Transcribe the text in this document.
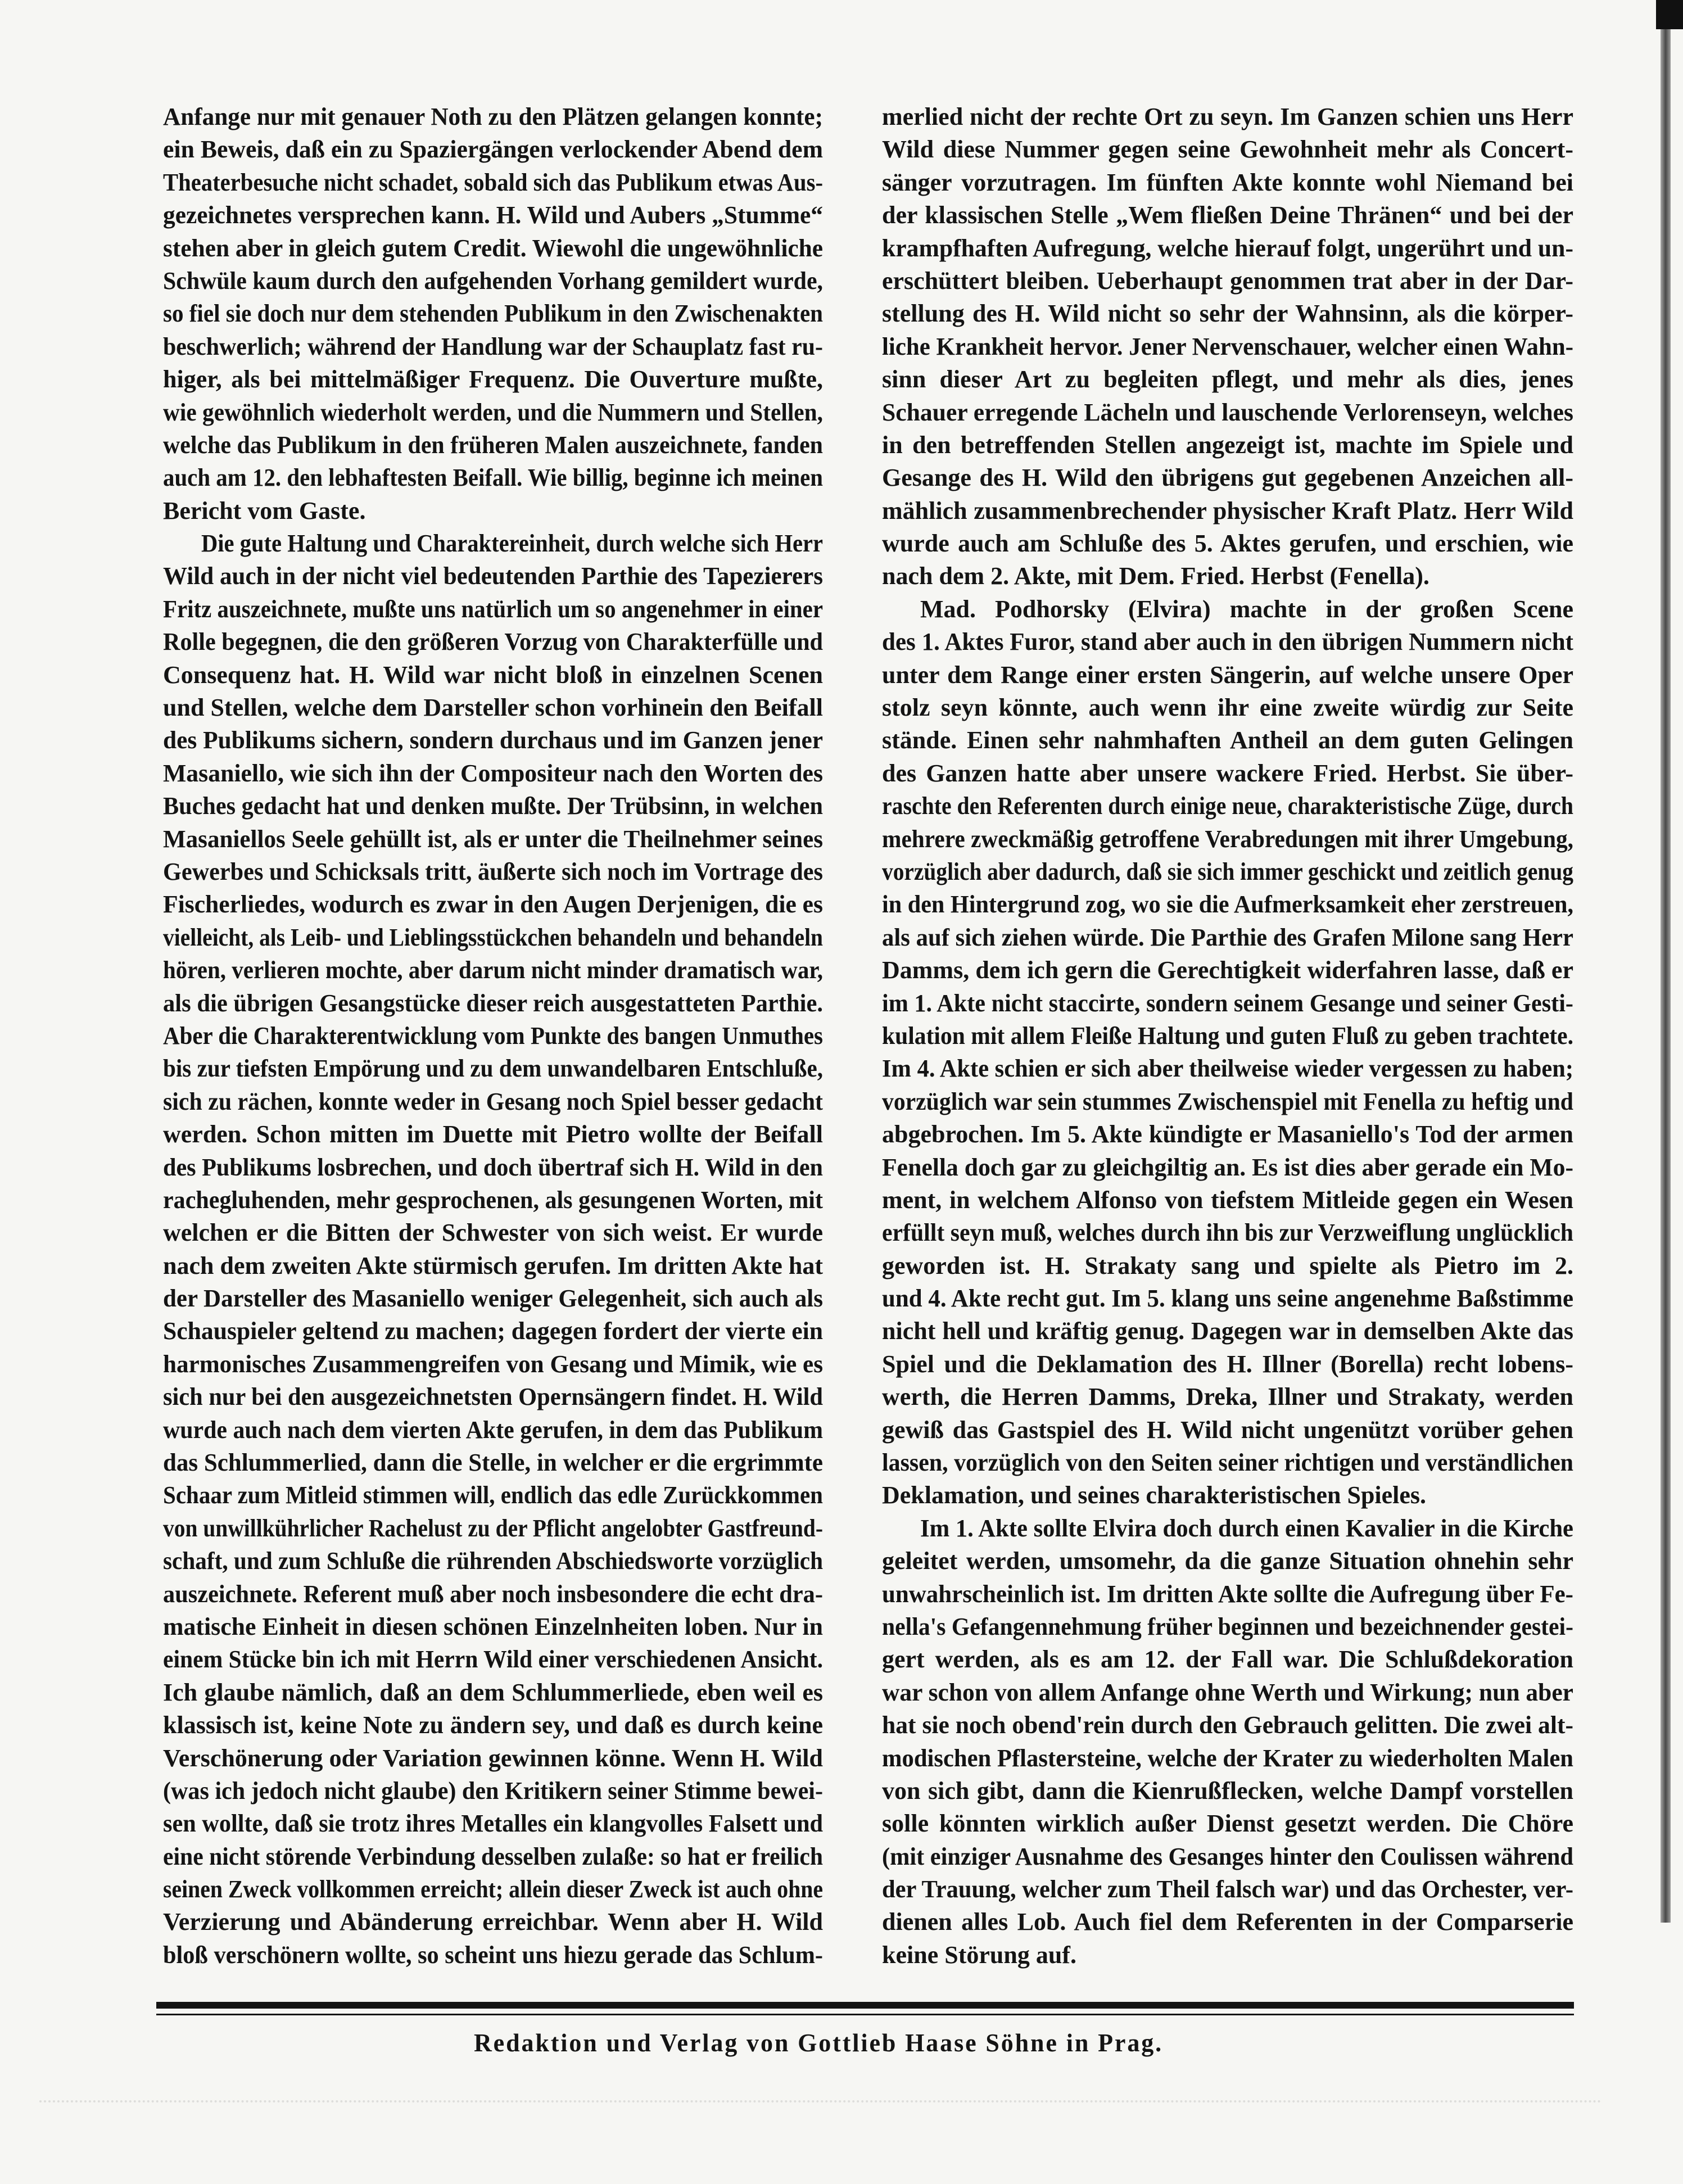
Anfange nur mit genauer Noth zu den Plätzen gelangen konnte;
ein Beweis, daß ein zu Spaziergängen verlockender Abend dem
Theaterbesuche nicht schadet, sobald sich das Publikum etwas Aus-
gezeichnetes versprechen kann. H. Wild und Aubers „Stumme“
stehen aber in gleich gutem Credit. Wiewohl die ungewöhnliche
Schwüle kaum durch den aufgehenden Vorhang gemildert wurde,
so fiel sie doch nur dem stehenden Publikum in den Zwischenakten
beschwerlich; während der Handlung war der Schauplatz fast ru-
higer, als bei mittelmäßiger Frequenz. Die Ouverture mußte,
wie gewöhnlich wiederholt werden, und die Nummern und Stellen,
welche das Publikum in den früheren Malen auszeichnete, fanden
auch am 12. den lebhaftesten Beifall. Wie billig, beginne ich meinen
Bericht vom Gaste.
Die gute Haltung und Charaktereinheit, durch welche sich Herr
Wild auch in der nicht viel bedeutenden Parthie des Tapezierers
Fritz auszeichnete, mußte uns natürlich um so angenehmer in einer
Rolle begegnen, die den größeren Vorzug von Charakterfülle und
Consequenz hat. H. Wild war nicht bloß in einzelnen Scenen
und Stellen, welche dem Darsteller schon vorhinein den Beifall
des Publikums sichern, sondern durchaus und im Ganzen jener
Masaniello, wie sich ihn der Compositeur nach den Worten des
Buches gedacht hat und denken mußte. Der Trübsinn, in welchen
Masaniellos Seele gehüllt ist, als er unter die Theilnehmer seines
Gewerbes und Schicksals tritt, äußerte sich noch im Vortrage des
Fischerliedes, wodurch es zwar in den Augen Derjenigen, die es
vielleicht, als Leib- und Lieblingsstückchen behandeln und behandeln
hören, verlieren mochte, aber darum nicht minder dramatisch war,
als die übrigen Gesangstücke dieser reich ausgestatteten Parthie.
Aber die Charakterentwicklung vom Punkte des bangen Unmuthes
bis zur tiefsten Empörung und zu dem unwandelbaren Entschluße,
sich zu rächen, konnte weder in Gesang noch Spiel besser gedacht
werden. Schon mitten im Duette mit Pietro wollte der Beifall
des Publikums losbrechen, und doch übertraf sich H. Wild in den
rachegluhenden, mehr gesprochenen, als gesungenen Worten, mit
welchen er die Bitten der Schwester von sich weist. Er wurde
nach dem zweiten Akte stürmisch gerufen. Im dritten Akte hat
der Darsteller des Masaniello weniger Gelegenheit, sich auch als
Schauspieler geltend zu machen; dagegen fordert der vierte ein
harmonisches Zusammengreifen von Gesang und Mimik, wie es
sich nur bei den ausgezeichnetsten Opernsängern findet. H. Wild
wurde auch nach dem vierten Akte gerufen, in dem das Publikum
das Schlummerlied, dann die Stelle, in welcher er die ergrimmte
Schaar zum Mitleid stimmen will, endlich das edle Zurückkommen
von unwillkührlicher Rachelust zu der Pflicht angelobter Gastfreund-
schaft, und zum Schluße die rührenden Abschiedsworte vorzüglich
auszeichnete. Referent muß aber noch insbesondere die echt dra-
matische Einheit in diesen schönen Einzelnheiten loben. Nur in
einem Stücke bin ich mit Herrn Wild einer verschiedenen Ansicht.
Ich glaube nämlich, daß an dem Schlummerliede, eben weil es
klassisch ist, keine Note zu ändern sey, und daß es durch keine
Verschönerung oder Variation gewinnen könne. Wenn H. Wild
(was ich jedoch nicht glaube) den Kritikern seiner Stimme bewei-
sen wollte, daß sie trotz ihres Metalles ein klangvolles Falsett und
eine nicht störende Verbindung desselben zulaße: so hat er freilich
seinen Zweck vollkommen erreicht; allein dieser Zweck ist auch ohne
Verzierung und Abänderung erreichbar. Wenn aber H. Wild
bloß verschönern wollte, so scheint uns hiezu gerade das Schlum-
merlied nicht der rechte Ort zu seyn. Im Ganzen schien uns Herr
Wild diese Nummer gegen seine Gewohnheit mehr als Concert-
sänger vorzutragen. Im fünften Akte konnte wohl Niemand bei
der klassischen Stelle „Wem fließen Deine Thränen“ und bei der
krampfhaften Aufregung, welche hierauf folgt, ungerührt und un-
erschüttert bleiben. Ueberhaupt genommen trat aber in der Dar-
stellung des H. Wild nicht so sehr der Wahnsinn, als die körper-
liche Krankheit hervor. Jener Nervenschauer, welcher einen Wahn-
sinn dieser Art zu begleiten pflegt, und mehr als dies, jenes
Schauer erregende Lächeln und lauschende Verlorenseyn, welches
in den betreffenden Stellen angezeigt ist, machte im Spiele und
Gesange des H. Wild den übrigens gut gegebenen Anzeichen all-
mählich zusammenbrechender physischer Kraft Platz. Herr Wild
wurde auch am Schluße des 5. Aktes gerufen, und erschien, wie
nach dem 2. Akte, mit Dem. Fried. Herbst (Fenella).
Mad. Podhorsky (Elvira) machte in der großen Scene
des 1. Aktes Furor, stand aber auch in den übrigen Nummern nicht
unter dem Range einer ersten Sängerin, auf welche unsere Oper
stolz seyn könnte, auch wenn ihr eine zweite würdig zur Seite
stände. Einen sehr nahmhaften Antheil an dem guten Gelingen
des Ganzen hatte aber unsere wackere Fried. Herbst. Sie über-
raschte den Referenten durch einige neue, charakteristische Züge, durch
mehrere zweckmäßig getroffene Verabredungen mit ihrer Umgebung,
vorzüglich aber dadurch, daß sie sich immer geschickt und zeitlich genug
in den Hintergrund zog, wo sie die Aufmerksamkeit eher zerstreuen,
als auf sich ziehen würde. Die Parthie des Grafen Milone sang Herr
Damms, dem ich gern die Gerechtigkeit widerfahren lasse, daß er
im 1. Akte nicht staccirte, sondern seinem Gesange und seiner Gesti-
kulation mit allem Fleiße Haltung und guten Fluß zu geben trachtete.
Im 4. Akte schien er sich aber theilweise wieder vergessen zu haben;
vorzüglich war sein stummes Zwischenspiel mit Fenella zu heftig und
abgebrochen. Im 5. Akte kündigte er Masaniello's Tod der armen
Fenella doch gar zu gleichgiltig an. Es ist dies aber gerade ein Mo-
ment, in welchem Alfonso von tiefstem Mitleide gegen ein Wesen
erfüllt seyn muß, welches durch ihn bis zur Verzweiflung unglücklich
geworden ist. H. Strakaty sang und spielte als Pietro im 2.
und 4. Akte recht gut. Im 5. klang uns seine angenehme Baßstimme
nicht hell und kräftig genug. Dagegen war in demselben Akte das
Spiel und die Deklamation des H. Illner (Borella) recht lobens-
werth, die Herren Damms, Dreka, Illner und Strakaty, werden
gewiß das Gastspiel des H. Wild nicht ungenützt vorüber gehen
lassen, vorzüglich von den Seiten seiner richtigen und verständlichen
Deklamation, und seines charakteristischen Spieles.
Im 1. Akte sollte Elvira doch durch einen Kavalier in die Kirche
geleitet werden, umsomehr, da die ganze Situation ohnehin sehr
unwahrscheinlich ist. Im dritten Akte sollte die Aufregung über Fe-
nella's Gefangennehmung früher beginnen und bezeichnender gestei-
gert werden, als es am 12. der Fall war. Die Schlußdekoration
war schon von allem Anfange ohne Werth und Wirkung; nun aber
hat sie noch obend'rein durch den Gebrauch gelitten. Die zwei alt-
modischen Pflastersteine, welche der Krater zu wiederholten Malen
von sich gibt, dann die Kienrußflecken, welche Dampf vorstellen
solle könnten wirklich außer Dienst gesetzt werden. Die Chöre
(mit einziger Ausnahme des Gesanges hinter den Coulissen während
der Trauung, welcher zum Theil falsch war) und das Orchester, ver-
dienen alles Lob. Auch fiel dem Referenten in der Comparserie
keine Störung auf.
Redaktion und Verlag von Gottlieb Haase Söhne in Prag.
